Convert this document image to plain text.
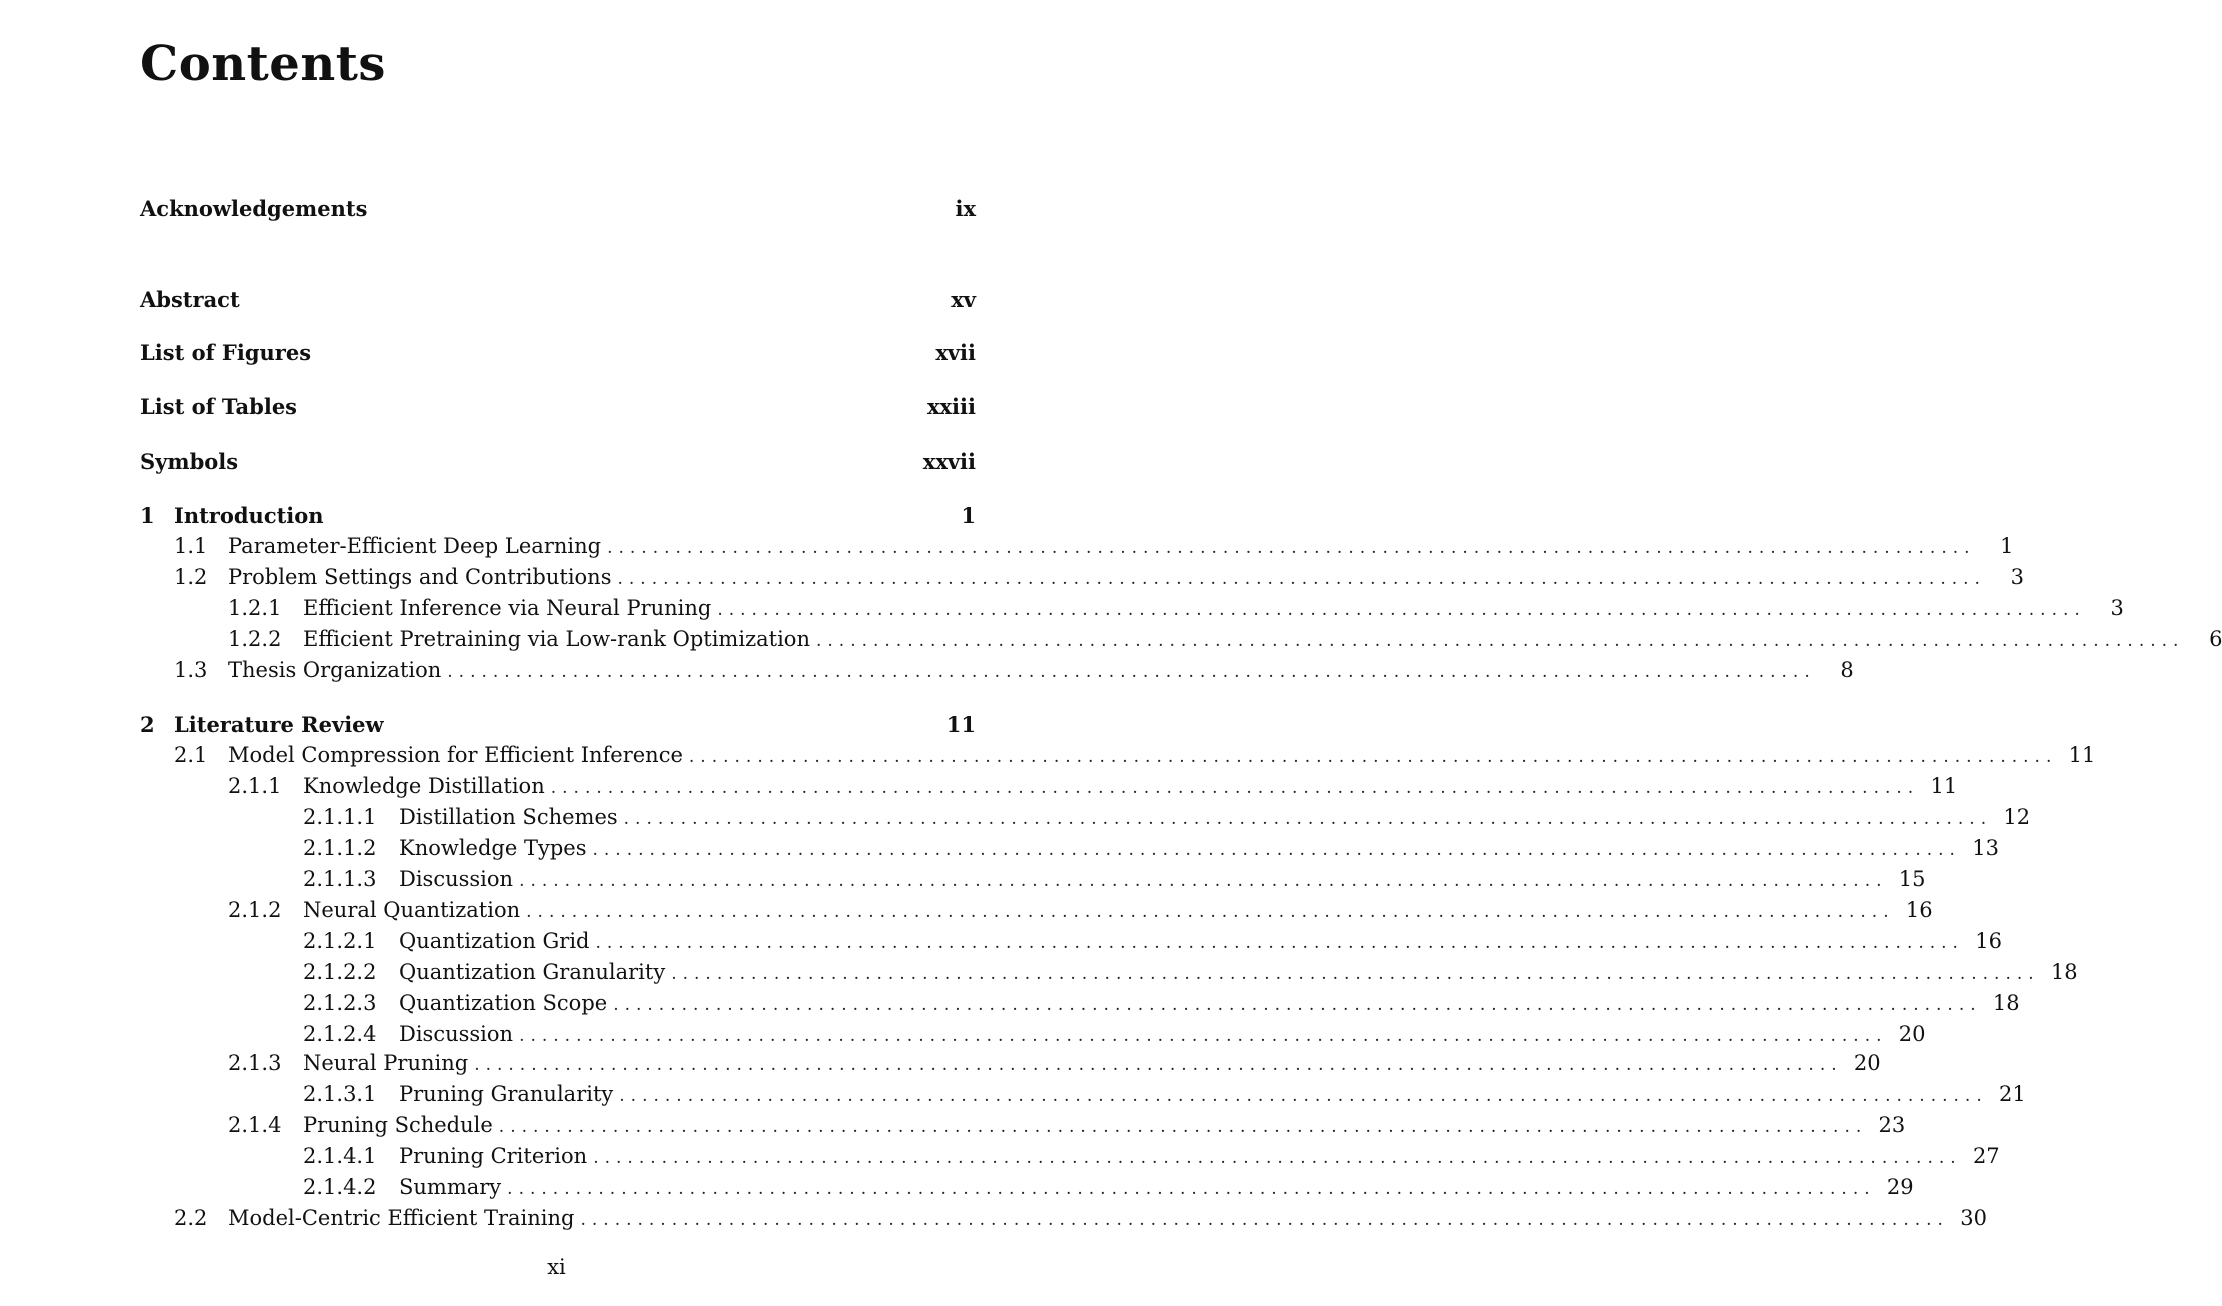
Contents
Acknowledgements	ix
Abstract	xv
List of Figures	xvii
List of Tables	xxiii
Symbols	xxvii
1 Introduction	1
1.1 Parameter-Efficient Deep Learning ........................................................................................................................	1
1.2 Problem Settings and Contributions ........................................................................................................................	3
1.2.1	Efficient Inference via Neural Pruning ........................................................................................................................	3
1.2.2	Efficient Pretraining via Low-rank Optimization ........................................................................................................................	6
1.3 Thesis Organization ........................................................................................................................	8
2 Literature Review	11
2.1 Model Compression for Efficient Inference ........................................................................................................................ 11
2.1.1	Knowledge Distillation ........................................................................................................................ 11
2.1.1.1	Distillation Schemes ........................................................................................................................ 12
2.1.1.2	Knowledge Types ........................................................................................................................ 13
2.1.1.3	Discussion ........................................................................................................................ 15
2.1.2	Neural Quantization ........................................................................................................................ 16
2.1.2.1	Quantization Grid ........................................................................................................................ 16
2.1.2.2	Quantization Granularity ........................................................................................................................ 18
2.1.2.3	Quantization Scope ........................................................................................................................ 18
2.1.2.4	Discussion ........................................................................................................................ 20
2.1.3	Neural Pruning ........................................................................................................................ 20
2.1.3.1	Pruning Granularity ........................................................................................................................ 21
2.1.4	Pruning Schedule ........................................................................................................................ 23
2.1.4.1	Pruning Criterion ........................................................................................................................ 27
2.1.4.2	Summary ........................................................................................................................ 29
2.2 Model-Centric Efficient Training ........................................................................................................................ 30
xi
